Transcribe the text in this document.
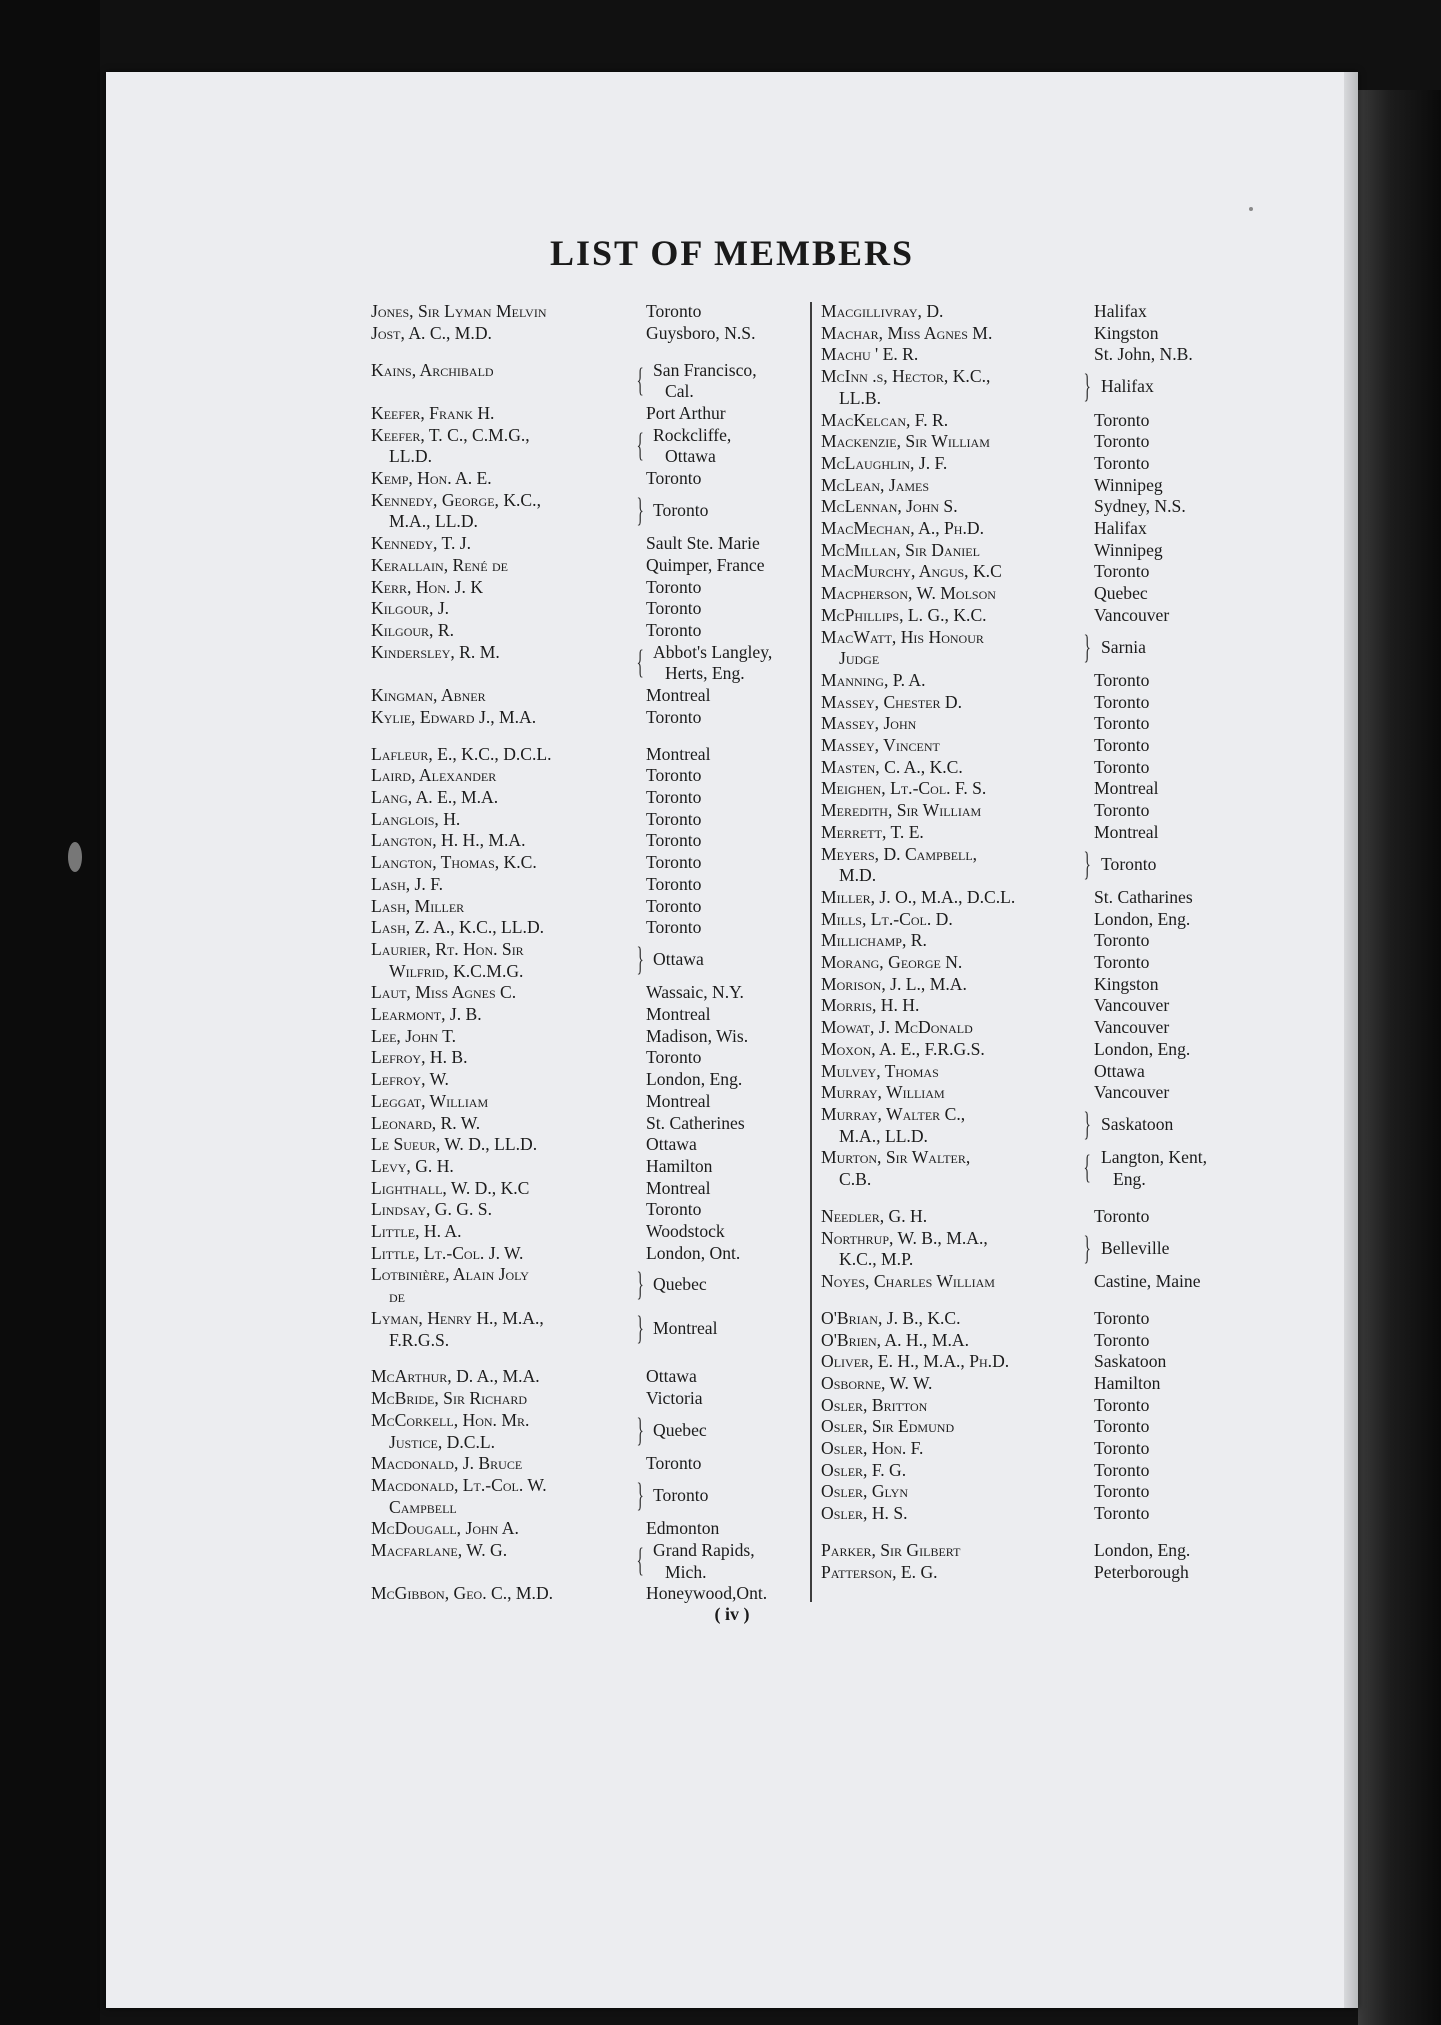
LIST OF MEMBERS
Jones, Sir Lyman Melvin	Toronto
Jost, A. C., M.D.	Guysboro, N.S.
Kains, Archibald	{ San Francisco,
Cal.
Keefer, Frank H.	Port Arthur
Keefer, T. C., C.M.G.,
LL.D.	{ Rockcliffe,
Ottawa
Kemp, Hon. A. E.	Toronto
Kennedy, George, K.C.,
M.A., LL.D.	} Toronto
Kennedy, T. J.	Sault Ste. Marie
Kerallain, René de	Quimper, France
Kerr, Hon. J. K	Toronto
Kilgour, J.	Toronto
Kilgour, R.	Toronto
Kindersley, R. M.	{ Abbot's Langley,
Herts, Eng.
Kingman, Abner	Montreal
Kylie, Edward J., M.A.	Toronto
Lafleur, E., K.C., D.C.L.	Montreal
Laird, Alexander	Toronto
Lang, A. E., M.A.	Toronto
Langlois, H.	Toronto
Langton, H. H., M.A.	Toronto
Langton, Thomas, K.C.	Toronto
Lash, J. F.	Toronto
Lash, Miller	Toronto
Lash, Z. A., K.C., LL.D.	Toronto
Laurier, Rt. Hon. Sir
Wilfrid, K.C.M.G.	} Ottawa
Laut, Miss Agnes C.	Wassaic, N.Y.
Learmont, J. B.	Montreal
Lee, John T.	Madison, Wis.
Lefroy, H. B.	Toronto
Lefroy, W.	London, Eng.
Leggat, William	Montreal
Leonard, R. W.	St. Catherines
Le Sueur, W. D., LL.D.	Ottawa
Levy, G. H.	Hamilton
Lighthall, W. D., K.C	Montreal
Lindsay, G. G. S.	Toronto
Little, H. A.	Woodstock
Little, Lt.-Col. J. W.	London, Ont.
Lotbinière, Alain Joly
de	} Quebec
Lyman, Henry H., M.A.,
F.R.G.S.	} Montreal
McArthur, D. A., M.A.	Ottawa
McBride, Sir Richard	Victoria
McCorkell, Hon. Mr.
Justice, D.C.L.	} Quebec
Macdonald, J. Bruce	Toronto
Macdonald, Lt.-Col. W.
Campbell	} Toronto
McDougall, John A.	Edmonton
Macfarlane, W. G.	{ Grand Rapids,
Mich.
McGibbon, Geo. C., M.D.	Honeywood,Ont.
Macgillivray, D.	Halifax
Machar, Miss Agnes M.	Kingston
Machu ' E. R.	St. John, N.B.
McInn .s, Hector, K.C.,
LL.B.	} Halifax
MacKelcan, F. R.	Toronto
Mackenzie, Sir William	Toronto
McLaughlin, J. F.	Toronto
McLean, James	Winnipeg
McLennan, John S.	Sydney, N.S.
MacMechan, A., Ph.D.	Halifax
McMillan, Sir Daniel	Winnipeg
MacMurchy, Angus, K.C	Toronto
Macpherson, W. Molson	Quebec
McPhillips, L. G., K.C.	Vancouver
MacWatt, His Honour
Judge	} Sarnia
Manning, P. A.	Toronto
Massey, Chester D.	Toronto
Massey, John	Toronto
Massey, Vincent	Toronto
Masten, C. A., K.C.	Toronto
Meighen, Lt.-Col. F. S.	Montreal
Meredith, Sir William	Toronto
Merrett, T. E.	Montreal
Meyers, D. Campbell,
M.D.	} Toronto
Miller, J. O., M.A., D.C.L.	St. Catharines
Mills, Lt.-Col. D.	London, Eng.
Millichamp, R.	Toronto
Morang, George N.	Toronto
Morison, J. L., M.A.	Kingston
Morris, H. H.	Vancouver
Mowat, J. McDonald	Vancouver
Moxon, A. E., F.R.G.S.	London, Eng.
Mulvey, Thomas	Ottawa
Murray, William	Vancouver
Murray, Walter C.,
M.A., LL.D.	} Saskatoon
Murton, Sir Walter,
C.B.	{ Langton, Kent,
Eng.
Needler, G. H.	Toronto
Northrup, W. B., M.A.,
K.C., M.P.	} Belleville
Noyes, Charles William	Castine, Maine
O'Brian, J. B., K.C.	Toronto
O'Brien, A. H., M.A.	Toronto
Oliver, E. H., M.A., Ph.D.	Saskatoon
Osborne, W. W.	Hamilton
Osler, Britton	Toronto
Osler, Sir Edmund	Toronto
Osler, Hon. F.	Toronto
Osler, F. G.	Toronto
Osler, Glyn	Toronto
Osler, H. S.	Toronto
Parker, Sir Gilbert	London, Eng.
Patterson, E. G.	Peterborough
( iv )
